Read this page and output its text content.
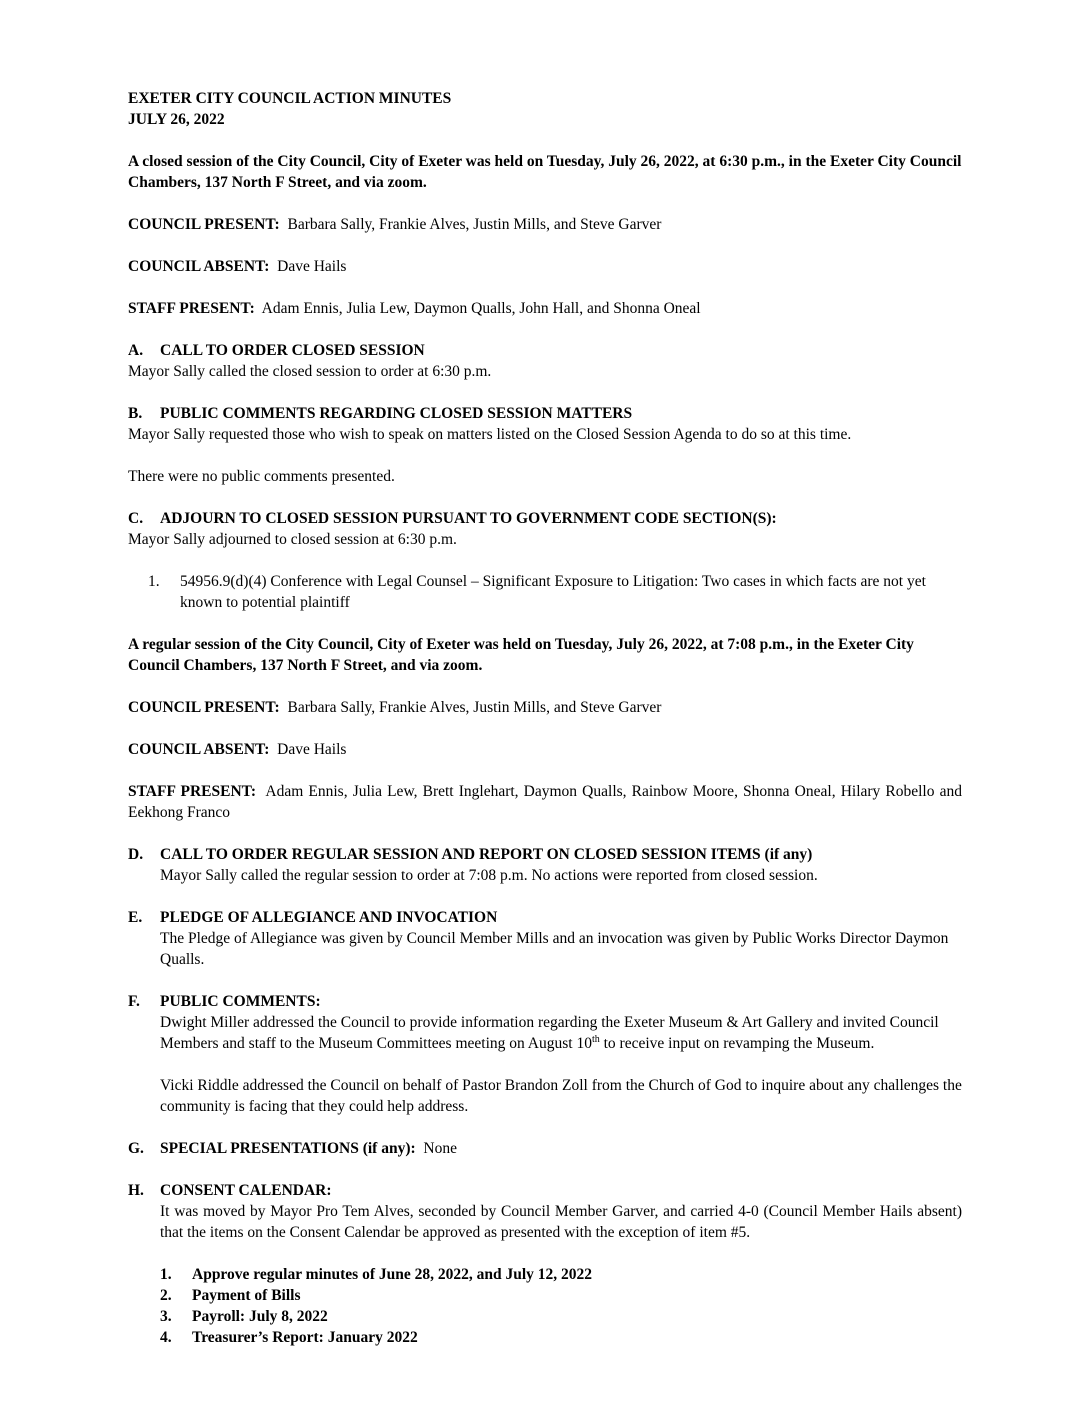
EXETER CITY COUNCIL ACTION MINUTES
JULY 26, 2022
A closed session of the City Council, City of Exeter was held on Tuesday, July 26, 2022, at 6:30 p.m., in the Exeter City Council Chambers, 137 North F Street, and via zoom.
COUNCIL PRESENT: Barbara Sally, Frankie Alves, Justin Mills, and Steve Garver
COUNCIL ABSENT: Dave Hails
STAFF PRESENT: Adam Ennis, Julia Lew, Daymon Qualls, John Hall, and Shonna Oneal
A.	CALL TO ORDER CLOSED SESSION
Mayor Sally called the closed session to order at 6:30 p.m.
B.	PUBLIC COMMENTS REGARDING CLOSED SESSION MATTERS
Mayor Sally requested those who wish to speak on matters listed on the Closed Session Agenda to do so at this time.
There were no public comments presented.
C.	ADJOURN TO CLOSED SESSION PURSUANT TO GOVERNMENT CODE SECTION(S):
Mayor Sally adjourned to closed session at 6:30 p.m.
1.	54956.9(d)(4) Conference with Legal Counsel – Significant Exposure to Litigation: Two cases in which facts are not yet known to potential plaintiff
A regular session of the City Council, City of Exeter was held on Tuesday, July 26, 2022, at 7:08 p.m., in the Exeter City Council Chambers, 137 North F Street, and via zoom.
COUNCIL PRESENT: Barbara Sally, Frankie Alves, Justin Mills, and Steve Garver
COUNCIL ABSENT: Dave Hails
STAFF PRESENT: Adam Ennis, Julia Lew, Brett Inglehart, Daymon Qualls, Rainbow Moore, Shonna Oneal, Hilary Robello and Eekhong Franco
D.	CALL TO ORDER REGULAR SESSION AND REPORT ON CLOSED SESSION ITEMS (if any)
Mayor Sally called the regular session to order at 7:08 p.m. No actions were reported from closed session.
E.	PLEDGE OF ALLEGIANCE AND INVOCATION
The Pledge of Allegiance was given by Council Member Mills and an invocation was given by Public Works Director Daymon Qualls.
F.	PUBLIC COMMENTS:
Dwight Miller addressed the Council to provide information regarding the Exeter Museum & Art Gallery and invited Council Members and staff to the Museum Committees meeting on August 10th to receive input on revamping the Museum.
Vicki Riddle addressed the Council on behalf of Pastor Brandon Zoll from the Church of God to inquire about any challenges the community is facing that they could help address.
G.	SPECIAL PRESENTATIONS (if any):
None
H.	CONSENT CALENDAR:
It was moved by Mayor Pro Tem Alves, seconded by Council Member Garver, and carried 4-0 (Council Member Hails absent) that the items on the Consent Calendar be approved as presented with the exception of item #5.
1.	Approve regular minutes of June 28, 2022, and July 12, 2022
2.	Payment of Bills
3.	Payroll: July 8, 2022
4.	Treasurer’s Report: January 2022
